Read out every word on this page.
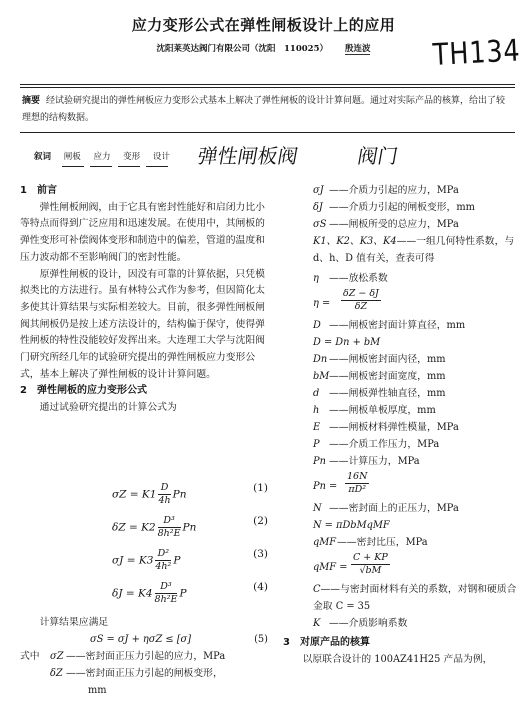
应力变形公式在弹性闸板设计上的应用
沈阳莱英达阀门有限公司（沈阳　110025） 殷连波	TH134
摘要 经试验研究提出的弹性闸板应力变形公式基本上解决了弹性闸板的设计计算问题。通过对实际产品的核算，给出了较理想的结构数据。
叙词 闸板 应力 变形 设计	弹性闸板阀	阀门
1　前言

弹性闸板闸阀，由于它具有密封性能好和启闭力比小等特点而得到广泛应用和迅速发展。在使用中，其闸板的弹性变形可补偿阀体变形和制造中的偏差，管道的温度和压力波动都不至影响阀门的密封性能。

原弹性闸板的设计，因没有可靠的计算依据，只凭模拟类比的方法进行。虽有林特公式作为参考，但因简化太多使其计算结果与实际相差较大。目前，很多弹性闸板闸阀其闸板仍是按上述方法设计的，结构偏于保守，使得弹性闸板的特性没能较好发挥出来。大连理工大学与沈阳阀门研究所经几年的试验研究提出的弹性闸板应力变形公式，基本上解决了弹性闸板的设计计算问题。

2　弹性闸板的应力变形公式

通过试验研究提出的计算公式为

$\sigma Z = K1 \frac{D}{4h}$ Pn
(1)
$\delta Z = K2 \frac{\text{D³}}{\text{8h²E}}$ Pn
(2)
$\sigma J = K3 \frac{\text{D²}}{\text{4h²}}$ P
(3)
$\delta J = K4 \frac{\text{D³}}{\text{8h²E}}$ P
(4)

计算结果应满足

σS = σJ + ησZ ≤ [σ]	(5)
式中 σZ ——密封面正压力引起的应力，MPa
δZ ——密封面正压力引起的闸板变形，
mm
σJ ——介质力引起的应力，MPa
δJ ——介质力引起的闸板变形，mm
σS ——闸板所受的总应力，MPa
K1、K2、K3、K4——一组几何特性系数，与 d、h、D 值有关，查表可得
η ——放松系数
$\eta = \frac{\delta Z - \delta J}{\delta Z}$
D ——闸板密封面计算直径，mm
D = Dn + bM
Dn ——闸板密封面内径，mm
bM ——闸板密封面宽度，mm
d ——闸板弹性轴直径，mm
h ——闸板单板厚度，mm
E ——闸板材料弹性模量，MPa
P ——介质工作压力，MPa
Pn ——计算压力，MPa
$Pn = \frac{16N}{\text{πD²}}$
N ——密封面上的正压力，MPa
N = πDbMqMF
qMF ——密封比压，MPa
qMF = $\frac{C + KP}{√bM}$
C——与密封面材料有关的系数，对钢和硬质合金取 C = 35
K ——介质影响系数
3　对原产品的核算

以原联合设计的 100AZ41H25 产品为例，
